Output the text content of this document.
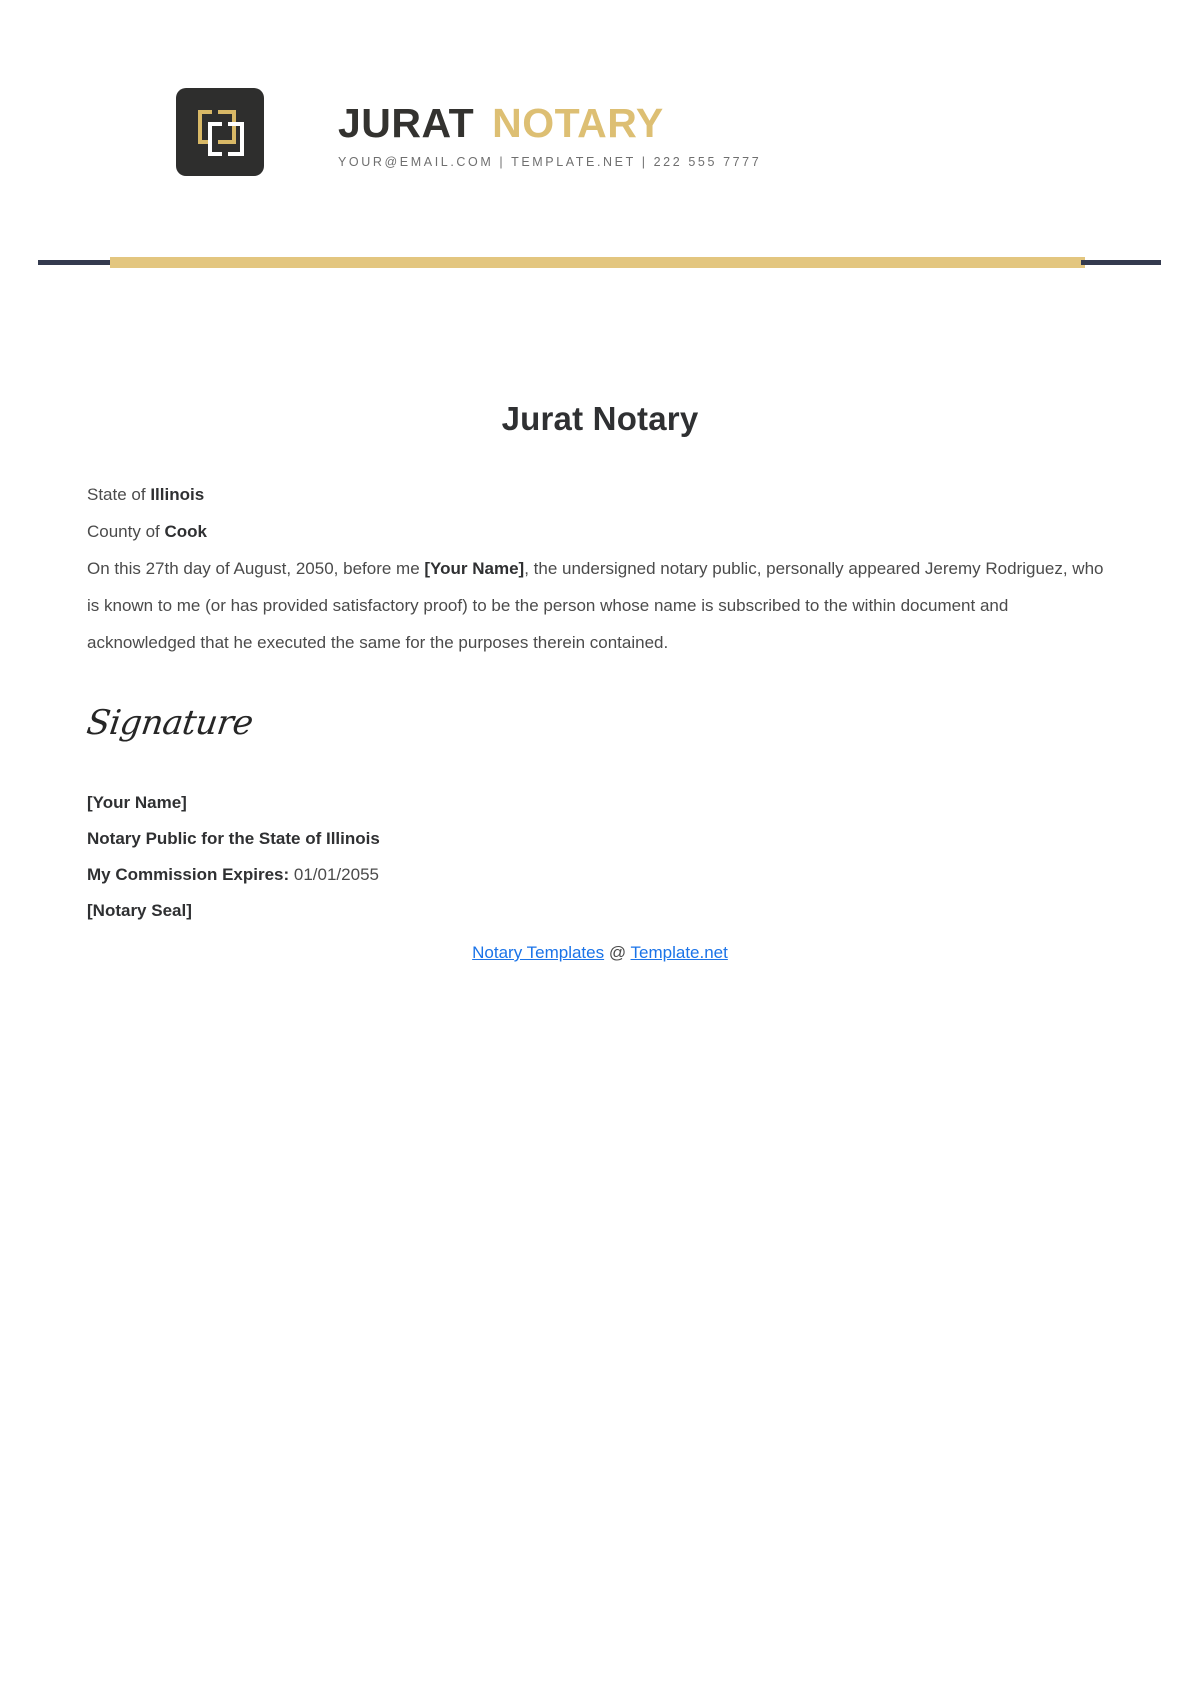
JURAT NOTARY
YOUR@EMAIL.COM | TEMPLATE.NET | 222 555 7777
Jurat Notary
State of Illinois
County of Cook

On this 27th day of August, 2050, before me [Your Name], the undersigned notary public, personally appeared Jeremy Rodriguez, who is known to me (or has provided satisfactory proof) to be the person whose name is subscribed to the within document and acknowledged that he executed the same for the purposes therein contained.

Signature
[Your Name]
Notary Public for the State of Illinois
My Commission Expires: 01/01/2055
[Notary Seal]
Notary Templates @ Template.net
